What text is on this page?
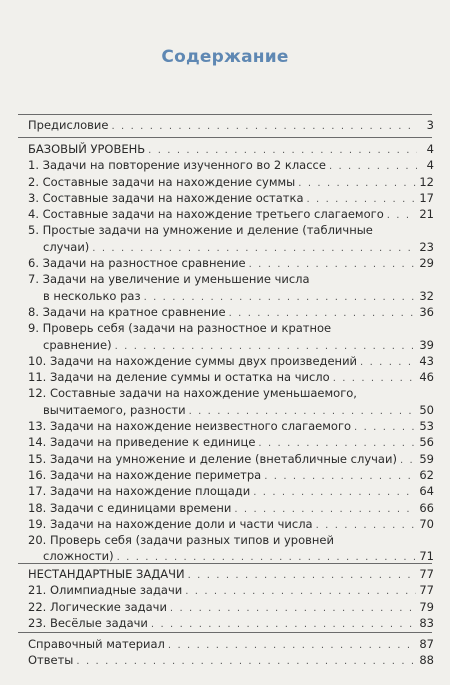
Содержание
Предисловие . . .	3
БАЗОВЫЙ УРОВЕНЬ . . .	4
1. Задачи на повторение изученного во 2 классе . . .	4
2. Составные задачи на нахождение суммы . . .	12
3. Составные задачи на нахождение остатка . . .	17
4. Составные задачи на нахождение третьего слагаемого . . .	21
5. Простые задачи на умножение и деление (табличные
случаи) . . .	23
6. Задачи на разностное сравнение . . .	29
7. Задачи на увеличение и уменьшение числа
в несколько раз . . .	32
8. Задачи на кратное сравнение . . .	36
9. Проверь себя (задачи на разностное и кратное
сравнение) . . .	39
10. Задачи на нахождение суммы двух произведений . . .	43
11. Задачи на деление суммы и остатка на число . . .	46
12. Составные задачи на нахождение уменьшаемого,
вычитаемого, разности . . .	50
13. Задачи на нахождение неизвестного слагаемого . . .	53
14. Задачи на приведение к единице . . .	56
15. Задачи на умножение и деление (внетабличные случаи) . . . 59
16. Задачи на нахождение периметра . . .	62
17. Задачи на нахождение площади . . .	64
18. Задачи с единицами времени . . .	66
19. Задачи на нахождение доли и части числа . . .	70
20. Проверь себя (задачи разных типов и уровней
сложности) . . .	71
НЕСТАНДАРТНЫЕ ЗАДАЧИ . . .	77
21. Олимпиадные задачи . . .	77
22. Логические задачи . . .	79
23. Весёлые задачи . . .	83
Справочный материал . . .	87
Ответы . . .	88
